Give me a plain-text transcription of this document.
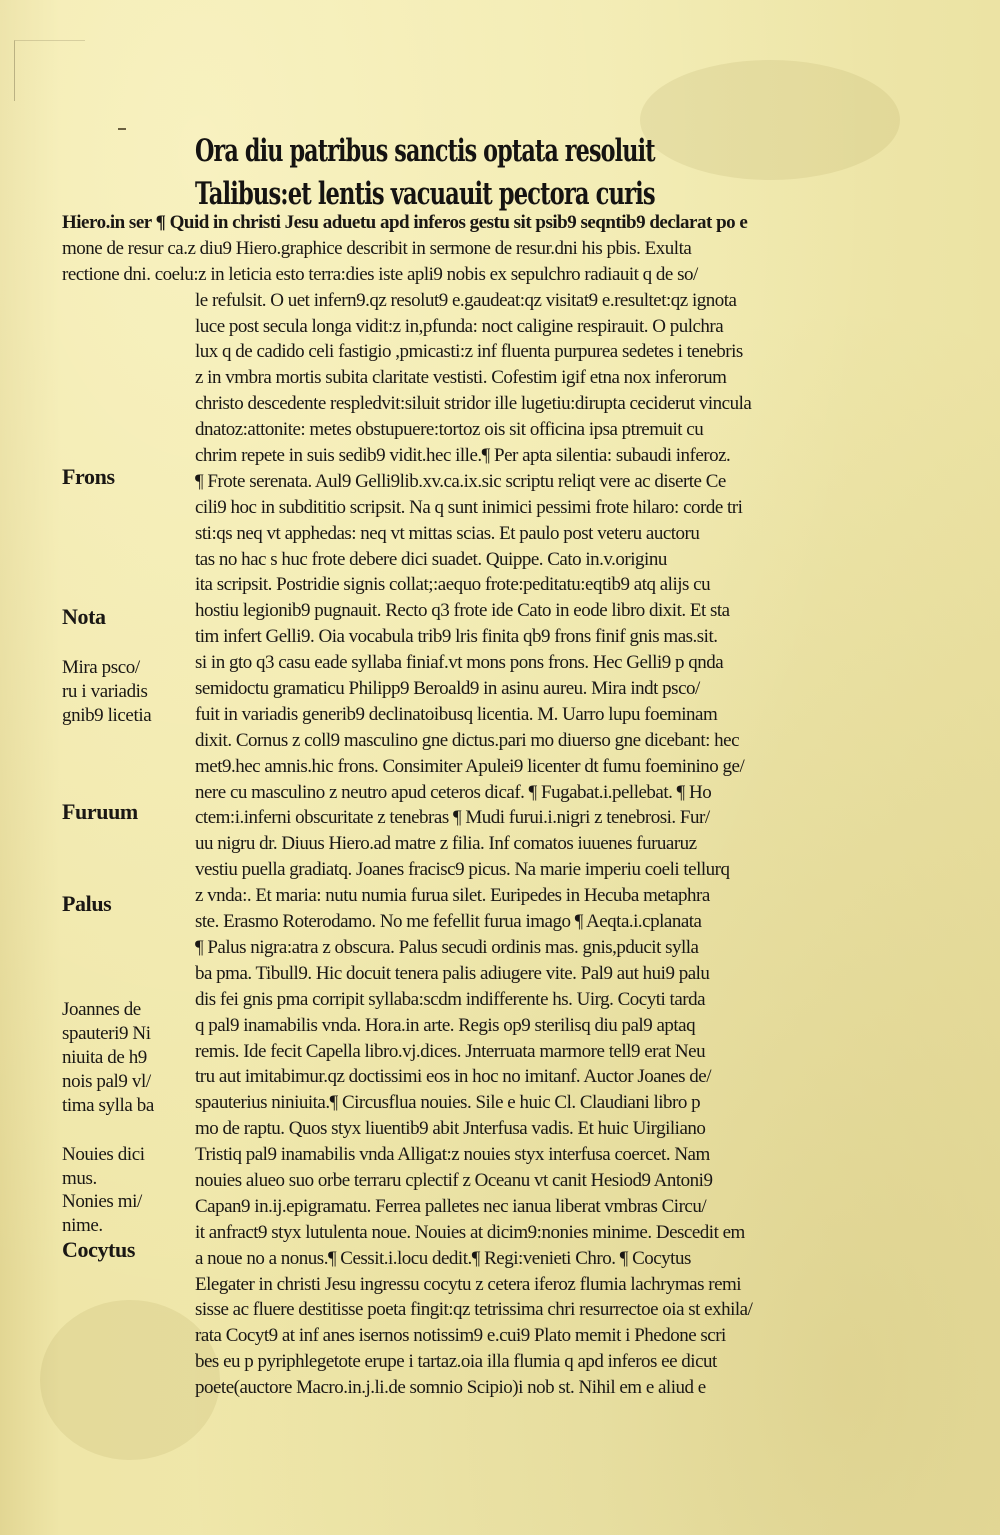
Ora diu patribus sanctis optata resoluit
Talibus:et lentis vacuauit pectora curis
Hiero.in ser ¶ Quid in christi Jesu aduetu apd inferos gestu sit psib9 seqntib9 declarat po e
mone de resur ca.z diu9 Hiero.graphice describit in sermone de resur.dni his pbis. Exulta
rectione dni. coelu:z in leticia esto terra:dies iste apli9 nobis ex sepulchro radiauit q de so/
le refulsit. O uet infern9.qz resolut9 e.gaudeat:qz visitat9 e.resultet:qz ignota
luce post secula longa vidit:z in,pfunda: noct caligine respirauit. O pulchra
lux q de cadido celi fastigio ,pmicasti:z inf fluenta purpurea sedetes i tenebris
z in vmbra mortis subita claritate vestisti. Cofestim igif etna nox inferorum
christo descedente respledvit:siluit stridor ille lugetiu:dirupta ceciderut vincula
dnatoz:attonite: metes obstupuere:tortoz ois sit officina ipsa ptremuit cu
chrim repete in suis sedib9 vidit.hec ille.¶ Per apta silentia: subaudi inferoz.
¶ Frote serenata. Aul9 Gelli9lib.xv.ca.ix.sic scriptu reliqt vere ac diserte Ce
cili9 hoc in subdititio scripsit. Na q sunt inimici pessimi frote hilaro: corde tri
sti:qs neq vt apphedas: neq vt mittas scias. Et paulo post veteru auctoru
tas no hac s huc frote debere dici suadet. Quippe. Cato in.v.originu
ita scripsit. Postridie signis collat;:aequo frote:peditatu:eqtib9 atq alijs cu
hostiu legionib9 pugnauit. Recto q3 frote ide Cato in eode libro dixit. Et sta
tim infert Gelli9. Oia vocabula trib9 lris finita qb9 frons finif gnis mas.sit.
si in gto q3 casu eade syllaba finiaf.vt mons pons frons. Hec Gelli9 p qnda
semidoctu gramaticu Philipp9 Beroald9 in asinu aureu. Mira indt psco/
fuit in variadis generib9 declinatoibusq licentia. M. Uarro lupu foeminam
dixit. Cornus z coll9 masculino gne dictus.pari mo diuerso gne dicebant: hec
met9.hec amnis.hic frons. Consimiter Apulei9 licenter dt fumu foeminino ge/
nere cu masculino z neutro apud ceteros dicaf. ¶ Fugabat.i.pellebat. ¶ Ho
ctem:i.inferni obscuritate z tenebras ¶ Mudi furui.i.nigri z tenebrosi. Fur/
uu nigru dr. Diuus Hiero.ad matre z filia. Inf comatos iuuenes furuaruz
vestiu puella gradiatq. Joanes fracisc9 picus. Na marie imperiu coeli tellurq
z vnda:. Et maria: nutu numia furua silet. Euripedes in Hecuba metaphra
ste. Erasmo Roterodamo. No me fefellit furua imago ¶ Aeqta.i.cplanata
¶ Palus nigra:atra z obscura. Palus secudi ordinis mas. gnis,pducit sylla
ba pma. Tibull9. Hic docuit tenera palis adiugere vite. Pal9 aut hui9 palu
dis fei gnis pma corripit syllaba:scdm indifferente hs. Uirg. Cocyti tarda
q pal9 inamabilis vnda. Hora.in arte. Regis op9 sterilisq diu pal9 aptaq
remis. Ide fecit Capella libro.vj.dices. Jnterruata marmore tell9 erat Neu
tru aut imitabimur.qz doctissimi eos in hoc no imitanf. Auctor Joanes de/
spauterius niniuita.¶ Circusflua nouies. Sile e huic Cl. Claudiani libro p
mo de raptu. Quos styx liuentib9 abit Jnterfusa vadis. Et huic Uirgiliano
Tristiq pal9 inamabilis vnda Alligat:z nouies styx interfusa coercet. Nam
nouies alueo suo orbe terraru cplectif z Oceanu vt canit Hesiod9 Antoni9
Capan9 in.ij.epigramatu. Ferrea palletes nec ianua liberat vmbras Circu/
it anfract9 styx lutulenta noue. Nouies at dicim9:nonies minime. Descedit em
a noue no a nonus.¶ Cessit.i.locu dedit.¶ Regi:venieti Chro. ¶ Cocytus
Elegater in christi Jesu ingressu cocytu z cetera iferoz flumia lachrymas remi
sisse ac fluere destitisse poeta fingit:qz tetrissima chri resurrectoe oia st exhila/
rata Cocyt9 at inf anes isernos notissim9 e.cui9 Plato memit i Phedone scri
bes eu p pyriphlegetote erupe i tartaz.oia illa flumia q apd inferos ee dicut
poete(auctore Macro.in.j.li.de somnio Scipio)i nob st. Nihil em e aliud e
Frons
Nota
Mira psco/
ru i variadis
gnib9 licetia
Furuum
Palus
Joannes de
spauteri9 Ni
niuita de h9
nois pal9 vl/
tima sylla ba
Nouies dici
mus.
Nonies mi/
nime.
Cocytus
